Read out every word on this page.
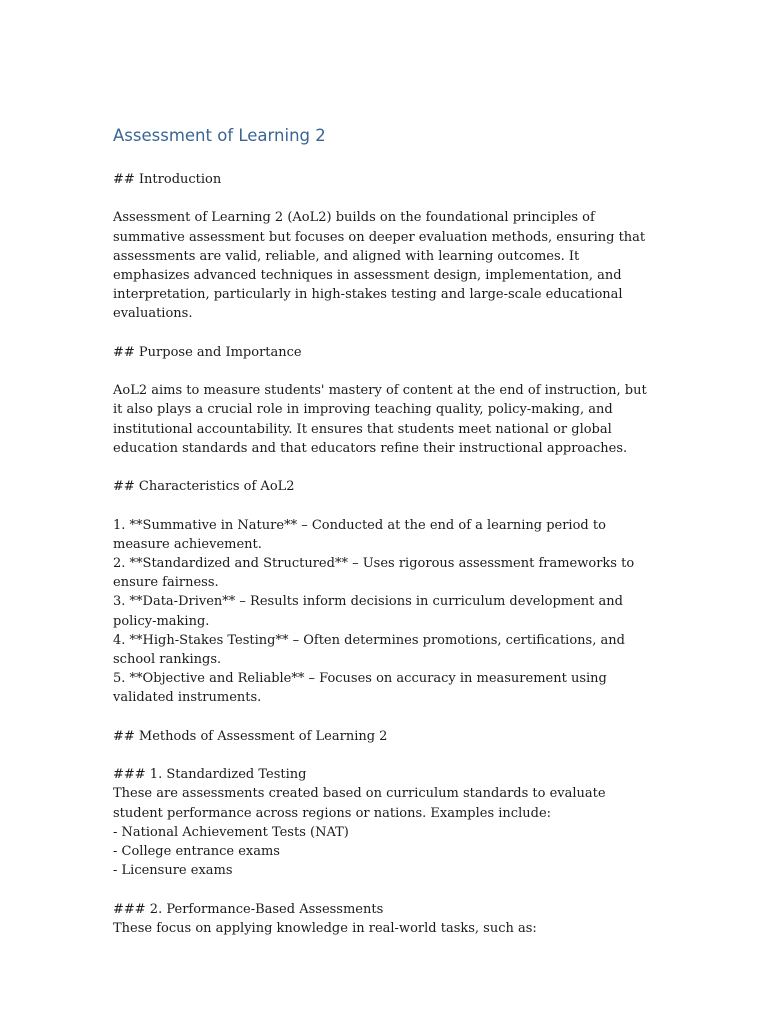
Assessment of Learning 2
## Introduction
Assessment of Learning 2 (AoL2) builds on the foundational principles of summative assessment but focuses on deeper evaluation methods, ensuring that assessments are valid, reliable, and aligned with learning outcomes. It emphasizes advanced techniques in assessment design, implementation, and interpretation, particularly in high-stakes testing and large-scale educational evaluations.
## Purpose and Importance
AoL2 aims to measure students' mastery of content at the end of instruction, but it also plays a crucial role in improving teaching quality, policy-making, and institutional accountability. It ensures that students meet national or global education standards and that educators refine their instructional approaches.
## Characteristics of AoL2
1. **Summative in Nature** – Conducted at the end of a learning period to measure achievement.
2. **Standardized and Structured** – Uses rigorous assessment frameworks to ensure fairness.
3. **Data-Driven** – Results inform decisions in curriculum development and policy-making.
4. **High-Stakes Testing** – Often determines promotions, certifications, and school rankings.
5. **Objective and Reliable** – Focuses on accuracy in measurement using validated instruments.
## Methods of Assessment of Learning 2
### 1. Standardized Testing
These are assessments created based on curriculum standards to evaluate student performance across regions or nations. Examples include:
- National Achievement Tests (NAT)
- College entrance exams
- Licensure exams
### 2. Performance-Based Assessments
These focus on applying knowledge in real-world tasks, such as:
